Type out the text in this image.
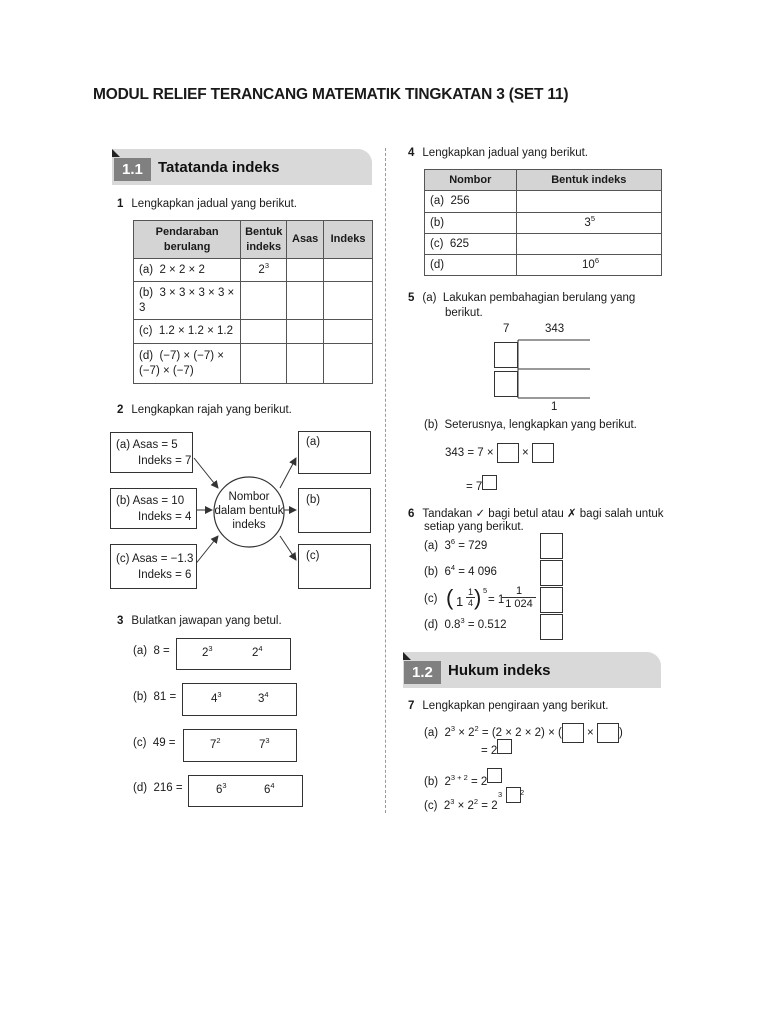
MODUL RELIEF TERANCANG MATEMATIK TINGKATAN 3 (SET 11)
1.1	Tatatanda indeks
1 Lengkapkan jadual yang berikut.
Pendaraban berulang	Bentuk indeks	Asas	Indeks
(a) 2 × 2 × 2	$2^3$		
(b) 3 × 3 × 3 × 3 × 3			
(c) 1.2 × 1.2 × 1.2			
(d) (−7) × (−7) × (−7) × (−7)			
2 Lengkapkan rajah yang berikut.
Nombor dalam bentuk indeks
(a) Asas = 5
Indeks = 7
(b) Asas = 10
Indeks = 4
(c) Asas = −1.3
Indeks = 6
(a)
(b)
(c)
3 Bulatkan jawapan yang betul.
(a) 8 =	$2^3$	$2^4$
(b) 81 =	$4^3$	$3^4$
(c) 49 =	$7^2$	$7^3$
(d) 216 =	$6^3$	$6^4$
4 Lengkapkan jadual yang berikut.
Nombor	Bentuk indeks
(a) 256	
(b)	$3^5$
(c) 625	
(d)	$10^6$
5 (a) Lakukan pembahagian berulang yang
berikut.
7	343
1
(b) Seterusnya, lengkapkan yang berikut.
343 = 7 × ×
= 7
6 Tandakan ✓ bagi betul atau ✗ bagi salah untuk
setiap yang berikut.
(a) $3^6 = 729$
(b) $6^4 = 4$ 096
(c) ( $1 \frac{1}{4}$ ) 5
= 1
$\frac{1}{1 024}$
(d) $0.8^3 = 0.512$
1.2	Hukum indeks
7 Lengkapkan pengiraan yang berikut.
(a) $2^3 \times 2^2 = (2 \times 2 \times 2)$ × ( × )
= 2
(b) $2^{3 + 2} = 2$
(c) $2^3 \times 2^2 = 2$
3 2
